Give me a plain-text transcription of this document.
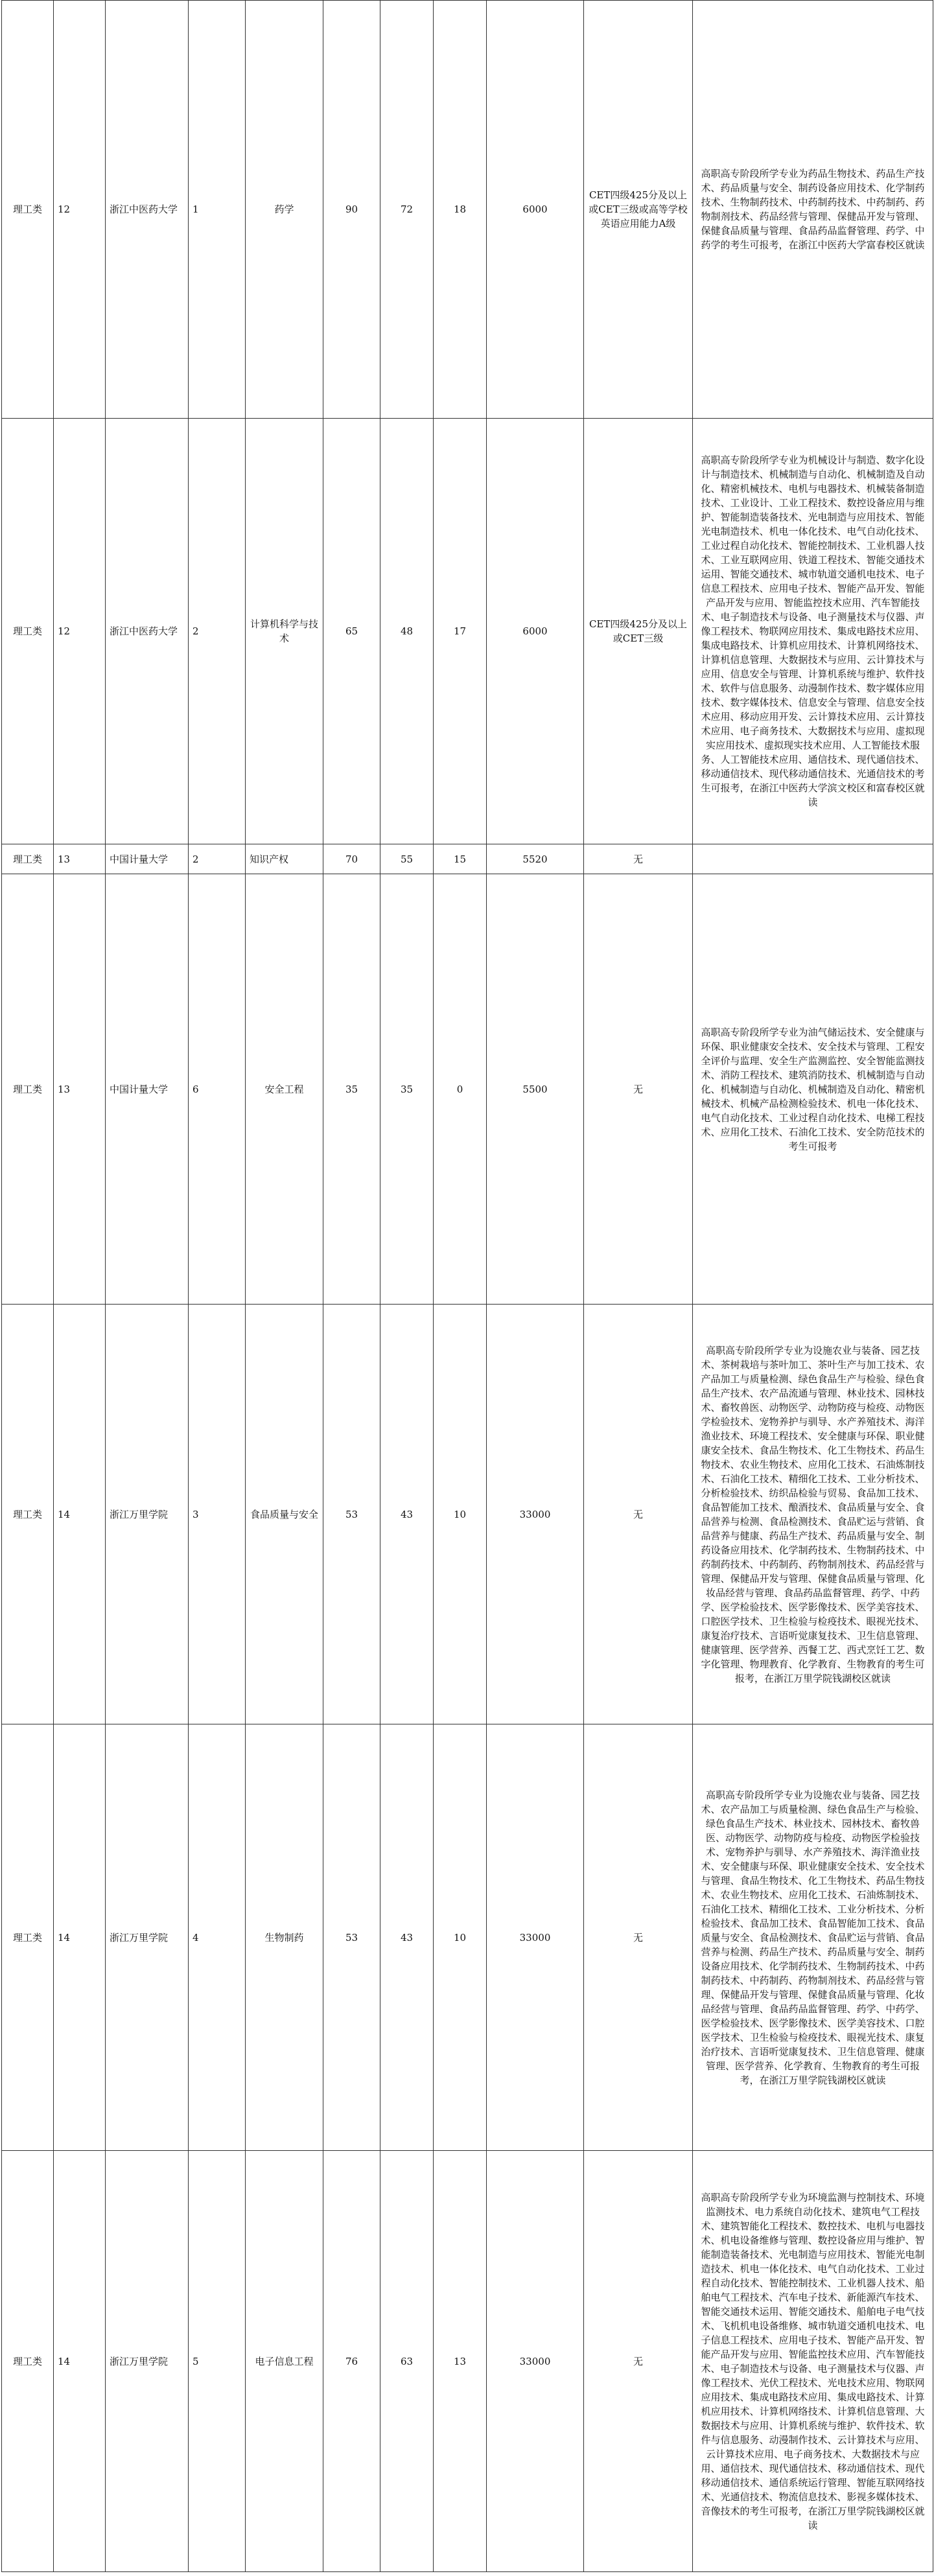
理工类	12	浙江中医药大学	1	药学	90	72	18	6000	CET四级425分及以上或CET三级或高等学校英语应用能力A级	高职高专阶段所学专业为药品生物技术、药品生产技术、药品质量与安全、制药设备应用技术、化学制药技术、生物制药技术、中药制药技术、中药制药、药物制剂技术、药品经营与管理、保健品开发与管理、保健食品质量与管理、食品药品监督管理、药学、中药学的考生可报考，在浙江中医药大学富春校区就读
理工类	12	浙江中医药大学	2	计算机科学与技术	65	48	17	6000	CET四级425分及以上或CET三级	高职高专阶段所学专业为机械设计与制造、数字化设计与制造技术、机械制造与自动化、机械制造及自动化、精密机械技术、电机与电器技术、机械装备制造技术、工业设计、工业工程技术、数控设备应用与维护、智能制造装备技术、光电制造与应用技术、智能光电制造技术、机电一体化技术、电气自动化技术、工业过程自动化技术、智能控制技术、工业机器人技术、工业互联网应用、铁道工程技术、智能交通技术运用、智能交通技术、城市轨道交通机电技术、电子信息工程技术、应用电子技术、智能产品开发、智能产品开发与应用、智能监控技术应用、汽车智能技术、电子制造技术与设备、电子测量技术与仪器、声像工程技术、物联网应用技术、集成电路技术应用、集成电路技术、计算机应用技术、计算机网络技术、计算机信息管理、大数据技术与应用、云计算技术与应用、信息安全与管理、计算机系统与维护、软件技术、软件与信息服务、动漫制作技术、数字媒体应用技术、数字媒体技术、信息安全与管理、信息安全技术应用、移动应用开发、云计算技术应用、云计算技术应用、电子商务技术、大数据技术与应用、虚拟现实应用技术、虚拟现实技术应用、人工智能技术服务、人工智能技术应用、通信技术、现代通信技术、移动通信技术、现代移动通信技术、光通信技术的考生可报考，在浙江中医药大学滨文校区和富春校区就读
理工类	13	中国计量大学	2	知识产权	70	55	15	5520	无	
理工类	13	中国计量大学	6	安全工程	35	35	0	5500	无	高职高专阶段所学专业为油气储运技术、安全健康与环保、职业健康安全技术、安全技术与管理、工程安全评价与监理、安全生产监测监控、安全智能监测技术、消防工程技术、建筑消防技术、机械制造与自动化、机械制造与自动化、机械制造及自动化、精密机械技术、机械产品检测检验技术、机电一体化技术、电气自动化技术、工业过程自动化技术、电梯工程技术、应用化工技术、石油化工技术、安全防范技术的考生可报考
理工类	14	浙江万里学院	3	食品质量与安全	53	43	10	33000	无	高职高专阶段所学专业为设施农业与装备、园艺技术、茶树栽培与茶叶加工、茶叶生产与加工技术、农产品加工与质量检测、绿色食品生产与检验、绿色食品生产技术、农产品流通与管理、林业技术、园林技术、畜牧兽医、动物医学、动物防疫与检疫、动物医学检验技术、宠物养护与驯导、水产养殖技术、海洋渔业技术、环境工程技术、安全健康与环保、职业健康安全技术、食品生物技术、化工生物技术、药品生物技术、农业生物技术、应用化工技术、石油炼制技术、石油化工技术、精细化工技术、工业分析技术、分析检验技术、纺织品检验与贸易、食品加工技术、食品智能加工技术、酿酒技术、食品质量与安全、食品营养与检测、食品检测技术、食品贮运与营销、食品营养与健康、药品生产技术、药品质量与安全、制药设备应用技术、化学制药技术、生物制药技术、中药制药技术、中药制药、药物制剂技术、药品经营与管理、保健品开发与管理、保健食品质量与管理、化妆品经营与管理、食品药品监督管理、药学、中药学、医学检验技术、医学影像技术、医学美容技术、口腔医学技术、卫生检验与检疫技术、眼视光技术、康复治疗技术、言语听觉康复技术、卫生信息管理、健康管理、医学营养、西餐工艺、西式烹饪工艺、数字化管理、物理教育、化学教育、生物教育的考生可报考，在浙江万里学院钱湖校区就读
理工类	14	浙江万里学院	4	生物制药	53	43	10	33000	无	高职高专阶段所学专业为设施农业与装备、园艺技术、农产品加工与质量检测、绿色食品生产与检验、绿色食品生产技术、林业技术、园林技术、畜牧兽医、动物医学、动物防疫与检疫、动物医学检验技术、宠物养护与驯导、水产养殖技术、海洋渔业技术、安全健康与环保、职业健康安全技术、安全技术与管理、食品生物技术、化工生物技术、药品生物技术、农业生物技术、应用化工技术、石油炼制技术、石油化工技术、精细化工技术、工业分析技术、分析检验技术、食品加工技术、食品智能加工技术、食品质量与安全、食品检测技术、食品贮运与营销、食品营养与检测、药品生产技术、药品质量与安全、制药设备应用技术、化学制药技术、生物制药技术、中药制药技术、中药制药、药物制剂技术、药品经营与管理、保健品开发与管理、保健食品质量与管理、化妆品经营与管理、食品药品监督管理、药学、中药学、医学检验技术、医学影像技术、医学美容技术、口腔医学技术、卫生检验与检疫技术、眼视光技术、康复治疗技术、言语听觉康复技术、卫生信息管理、健康管理、医学营养、化学教育、生物教育的考生可报考，在浙江万里学院钱湖校区就读
理工类	14	浙江万里学院	5	电子信息工程	76	63	13	33000	无	高职高专阶段所学专业为环境监测与控制技术、环境监测技术、电力系统自动化技术、建筑电气工程技术、建筑智能化工程技术、数控技术、电机与电器技术、机电设备维修与管理、数控设备应用与维护、智能制造装备技术、光电制造与应用技术、智能光电制造技术、机电一体化技术、电气自动化技术、工业过程自动化技术、智能控制技术、工业机器人技术、船舶电气工程技术、汽车电子技术、新能源汽车技术、智能交通技术运用、智能交通技术、船舶电子电气技术、飞机机电设备维修、城市轨道交通机电技术、电子信息工程技术、应用电子技术、智能产品开发、智能产品开发与应用、智能监控技术应用、汽车智能技术、电子制造技术与设备、电子测量技术与仪器、声像工程技术、光伏工程技术、光电技术应用、物联网应用技术、集成电路技术应用、集成电路技术、计算机应用技术、计算机网络技术、计算机信息管理、大数据技术与应用、计算机系统与维护、软件技术、软件与信息服务、动漫制作技术、云计算技术与应用、云计算技术应用、电子商务技术、大数据技术与应用、通信技术、现代通信技术、移动通信技术、现代移动通信技术、通信系统运行管理、智能互联网络技术、光通信技术、物流信息技术、影视多媒体技术、音像技术的考生可报考，在浙江万里学院钱湖校区就读
